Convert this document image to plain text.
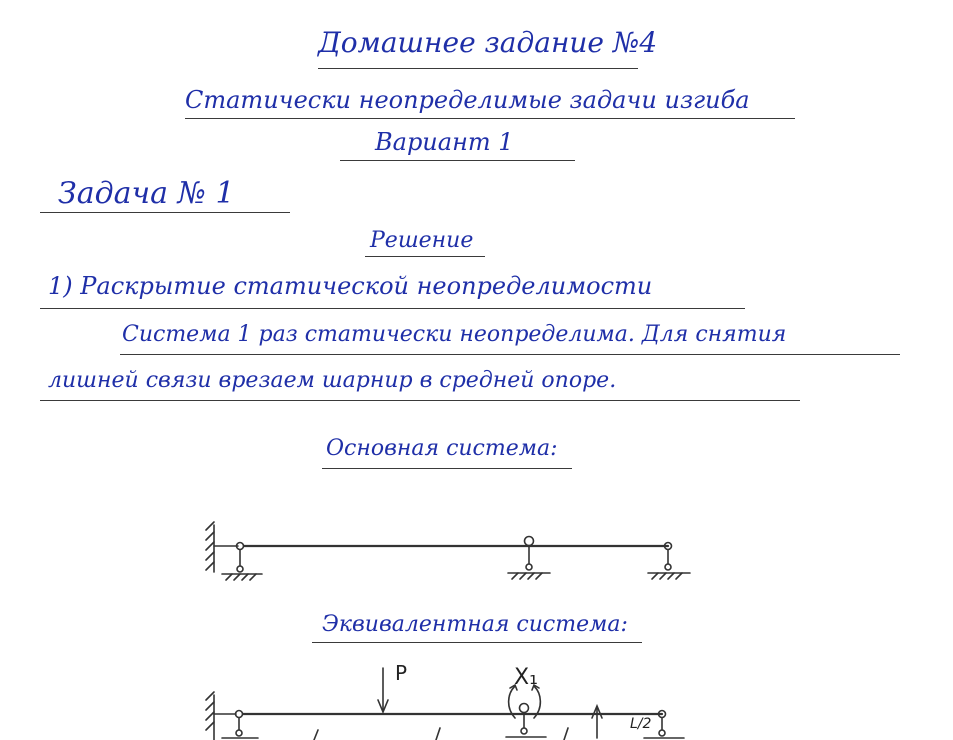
Домашнее задание №4
Статически неопределимые задачи изгиба
Вариант 1
Задача № 1
Решение
1) Раскрытие статической неопределимости
Система 1 раз статически неопределима. Для снятия
лишней связи врезаем шарнир в средней опоре.
Основная система:
Эквивалентная система:
P	X₁
L/2
